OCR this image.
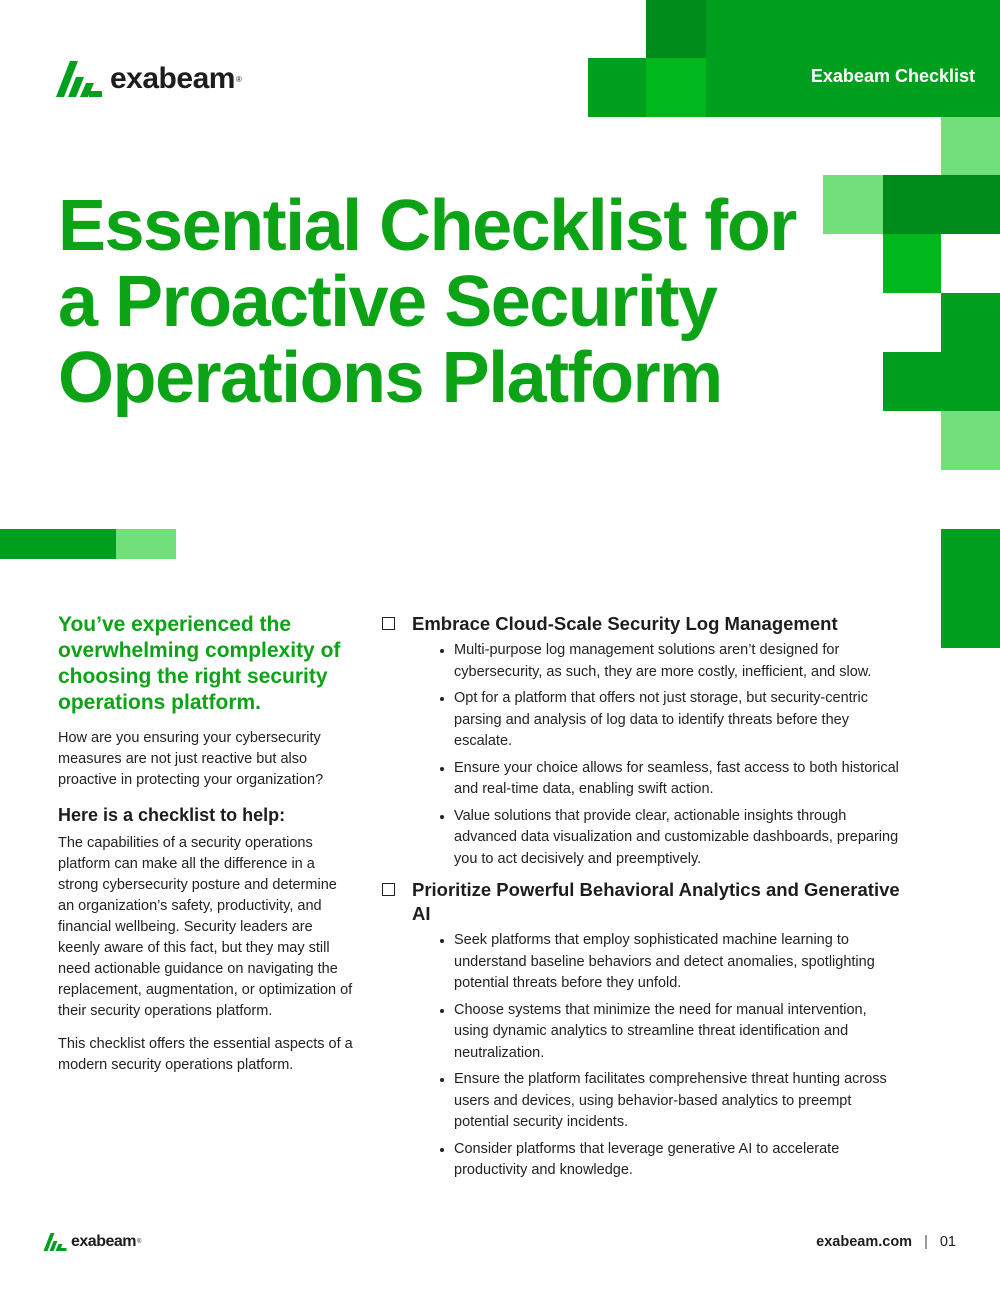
exabeam ®	Exabeam Checklist
Essential Checklist for a Proactive Security Operations Platform

You’ve experienced the overwhelming complexity of choosing the right security operations platform.

How are you ensuring your cybersecurity measures are not just reactive but also proactive in protecting your organization?

Here is a checklist to help:

The capabilities of a security operations platform can make all the difference in a strong cybersecurity posture and determine an organization’s safety, productivity, and financial wellbeing. Security leaders are keenly aware of this fact, but they may still need actionable guidance on navigating the replacement, augmentation, or optimization of their security operations platform.

This checklist offers the essential aspects of a modern security operations platform.

Embrace Cloud-Scale Security Log Management
Multi-purpose log management solutions aren’t designed for cybersecurity, as such, they are more costly, inefficient, and slow.
Opt for a platform that offers not just storage, but security-centric parsing and analysis of log data to identify threats before they escalate.
Ensure your choice allows for seamless, fast access to both historical and real-time data, enabling swift action.
Value solutions that provide clear, actionable insights through advanced data visualization and customizable dashboards, preparing you to act decisively and preemptively.
Prioritize Powerful Behavioral Analytics and Generative AI
Seek platforms that employ sophisticated machine learning to understand baseline behaviors and detect anomalies, spotlighting potential threats before they unfold.
Choose systems that minimize the need for manual intervention, using dynamic analytics to streamline threat identification and neutralization.
Ensure the platform facilitates comprehensive threat hunting across users and devices, using behavior-based analytics to preempt potential security incidents.
Consider platforms that leverage generative AI to accelerate productivity and knowledge.
exabeam ®	exabeam.com | 01
